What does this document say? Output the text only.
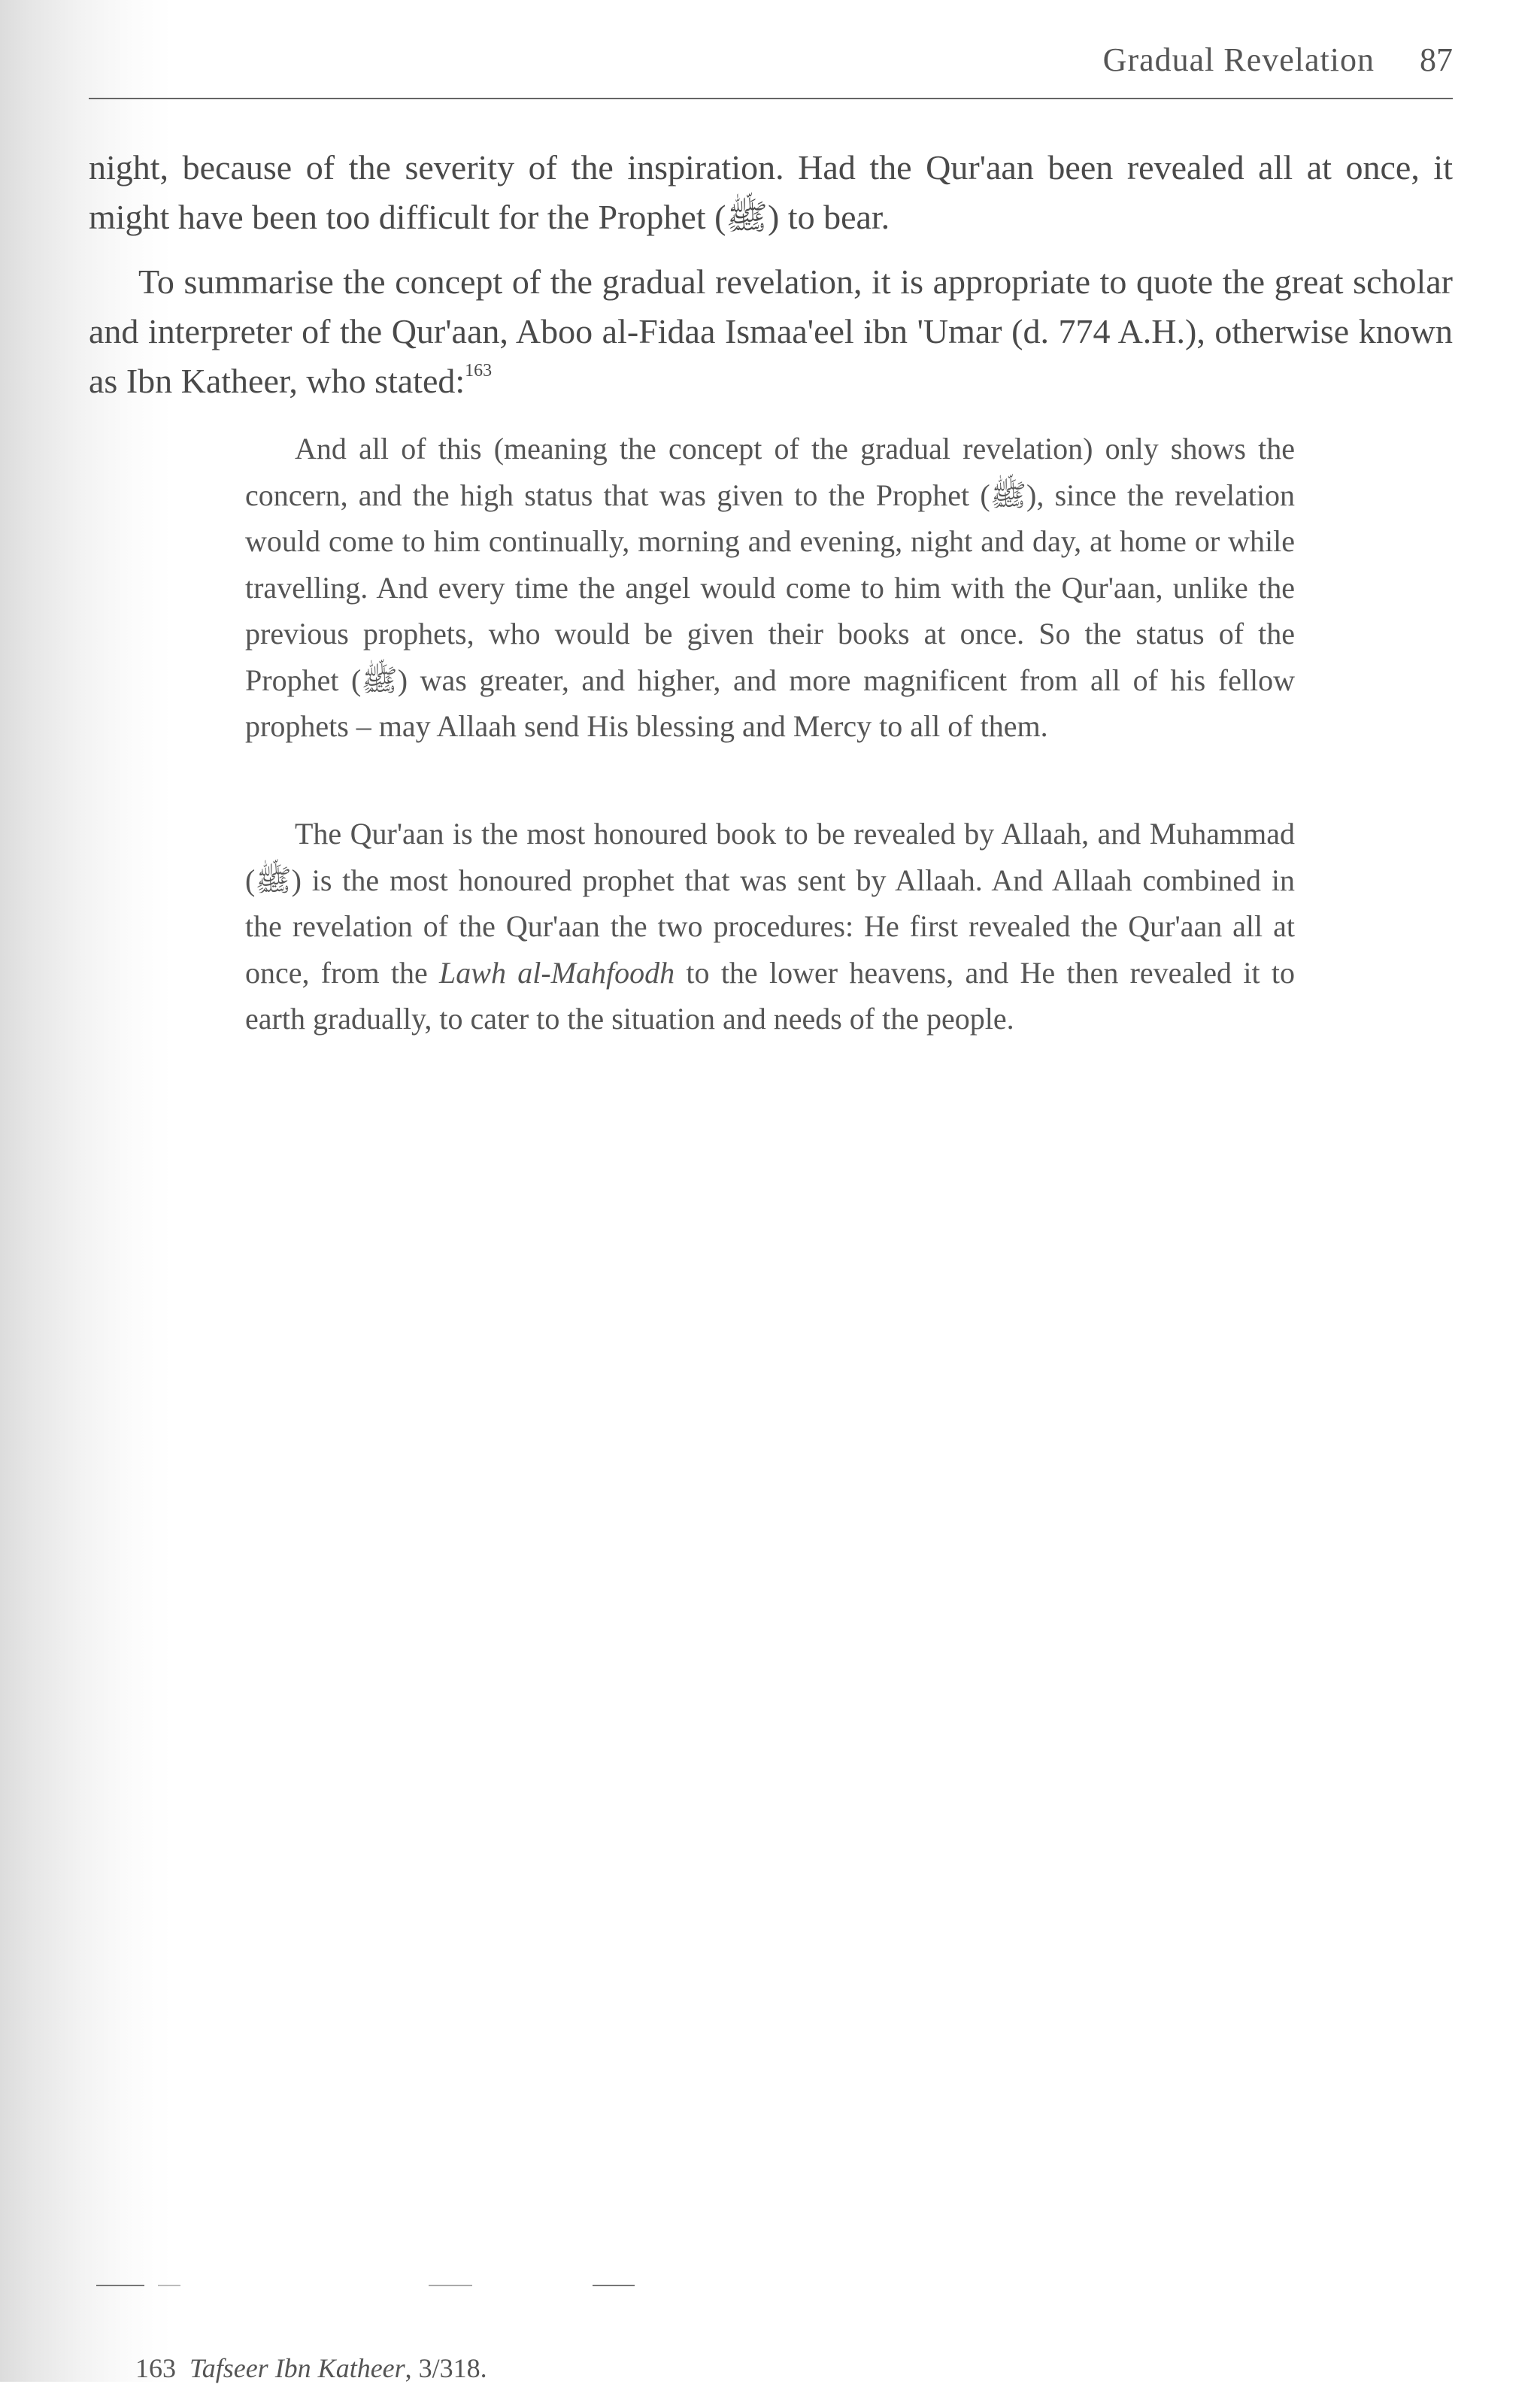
Gradual Revelation 87

night, because of the severity of the inspiration. Had the Qur'aan been revealed all at once, it might have been too difficult for the Prophet (ﷺ) to bear.

To summarise the concept of the gradual revelation, it is appropriate to quote the great scholar and interpreter of the Qur'aan, Aboo al-Fidaa Ismaa'eel ibn 'Umar (d. 774 A.H.), otherwise known as Ibn Katheer, who stated:$^{163}$

And all of this (meaning the concept of the gradual revelation) only shows the concern, and the high status that was given to the Prophet (ﷺ), since the revelation would come to him continually, morning and evening, night and day, at home or while travelling. And every time the angel would come to him with the Qur'aan, unlike the previous prophets, who would be given their books at once. So the status of the Prophet (ﷺ) was greater, and higher, and more magnificent from all of his fellow prophets – may Allaah send His blessing and Mercy to all of them.

The Qur'aan is the most honoured book to be revealed by Allaah, and Muhammad (ﷺ) is the most honoured prophet that was sent by Allaah. And Allaah combined in the revelation of the Qur'aan the two procedures: He first revealed the Qur'aan all at once, from the Lawh al-Mahfoodh to the lower heavens, and He then revealed it to earth gradually, to cater to the situation and needs of the people.

163 Tafseer Ibn Katheer, 3/318.
